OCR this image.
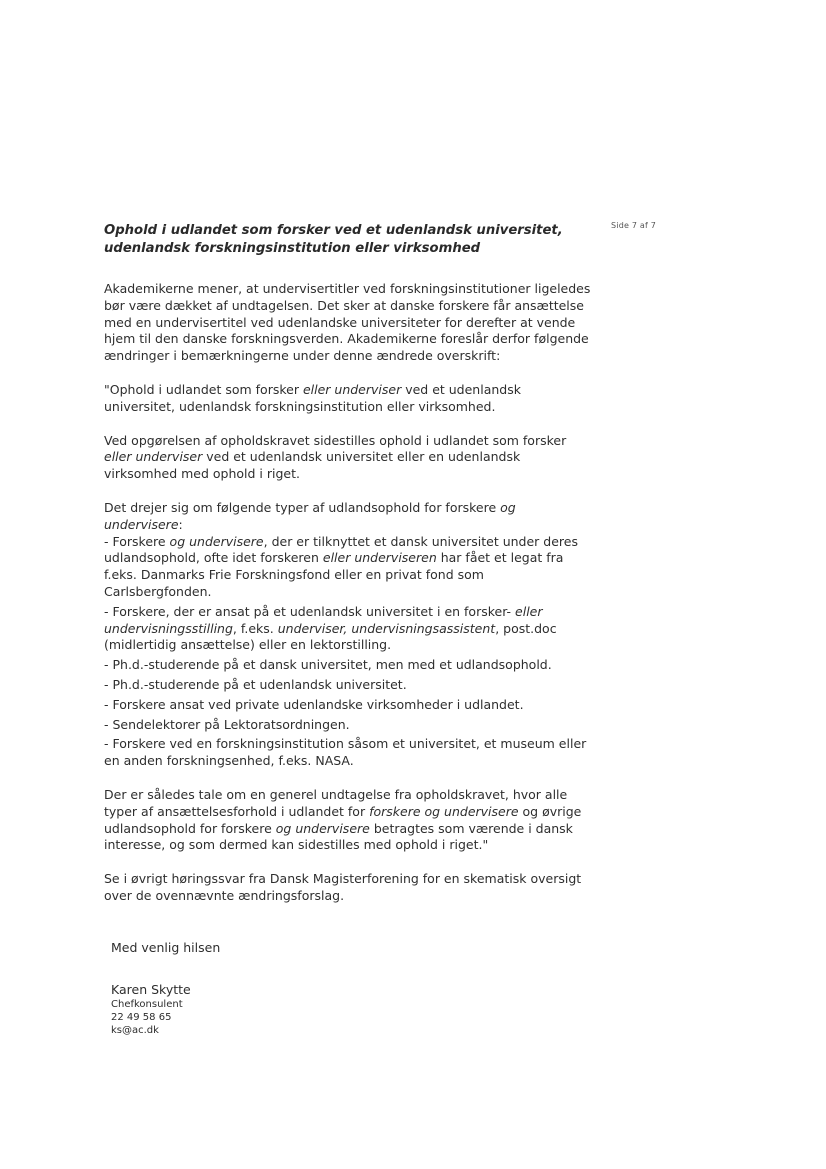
Side 7 af 7
Ophold i udlandet som forsker ved et udenlandsk universitet,
udenlandsk forskningsinstitution eller virksomhed

Akademikerne mener, at undervisertitler ved forskningsinstitutioner ligeledes bør være dækket af undtagelsen. Det sker at danske forskere får ansættelse med en undervisertitel ved udenlandske universiteter for derefter at vende hjem til den danske forskningsverden. Akademikerne foreslår derfor følgende ændringer i bemærkningerne under denne ændrede overskrift:

"Ophold i udlandet som forsker eller underviser ved et udenlandsk universitet, udenlandsk forskningsinstitution eller virksomhed.

Ved opgørelsen af opholdskravet sidestilles ophold i udlandet som forsker eller underviser ved et udenlandsk universitet eller en udenlandsk virksomhed med ophold i riget.

Det drejer sig om følgende typer af udlandsophold for forskere og undervisere:

- Forskere og undervisere, der er tilknyttet et dansk universitet under deres udlandsophold, ofte idet forskeren eller underviseren har fået et legat fra f.eks. Danmarks Frie Forskningsfond eller en privat fond som Carlsbergfonden.
- Forskere, der er ansat på et udenlandsk universitet i en forsker- eller undervisningsstilling, f.eks. underviser, undervisningsassistent, post.doc (midlertidig ansættelse) eller en lektorstilling.
- Ph.d.-studerende på et dansk universitet, men med et udlandsophold.
- Ph.d.-studerende på et udenlandsk universitet.
- Forskere ansat ved private udenlandske virksomheder i udlandet.
- Sendelektorer på Lektoratsordningen.
- Forskere ved en forskningsinstitution såsom et universitet, et museum eller en anden forskningsenhed, f.eks. NASA.

Der er således tale om en generel undtagelse fra opholdskravet, hvor alle typer af ansættelsesforhold i udlandet for forskere og undervisere og øvrige udlandsophold for forskere og undervisere betragtes som værende i dansk interesse, og som dermed kan sidestilles med ophold i riget."

Se i øvrigt høringssvar fra Dansk Magisterforening for en skematisk oversigt over de ovennævnte ændringsforslag.

Med venlig hilsen
Karen Skytte
Chefkonsulent
22 49 58 65
ks@ac.dk
